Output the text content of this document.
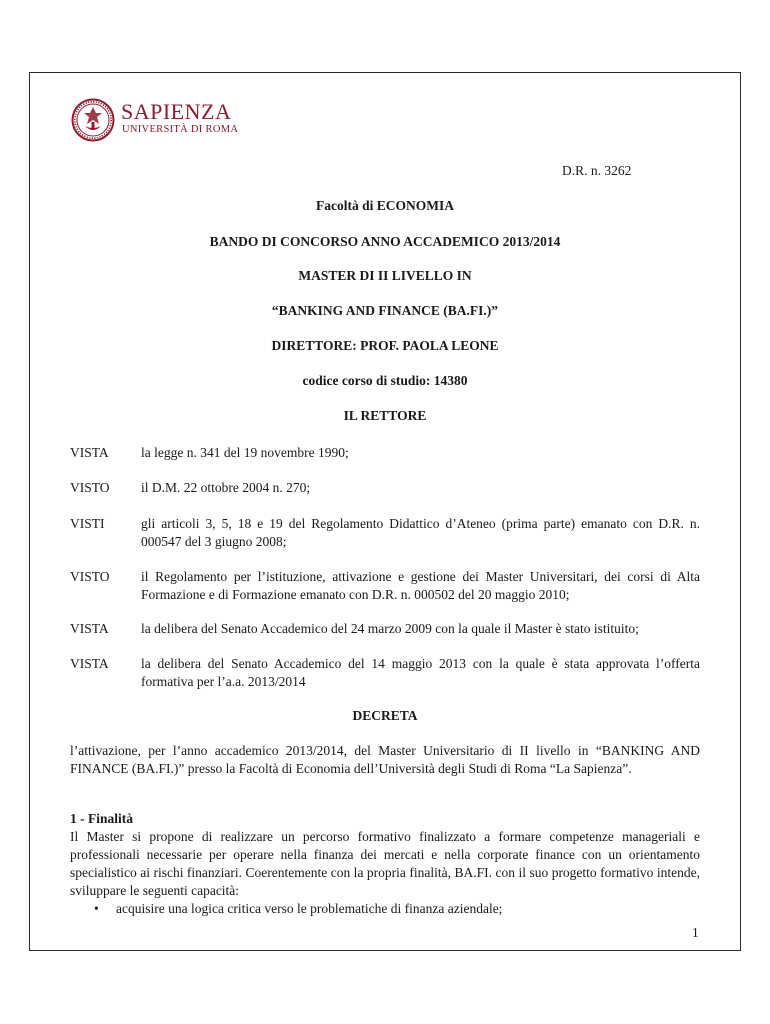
SAPIENZA
UNIVERSITÀ DI ROMA
D.R. n. 3262
Facoltà di ECONOMIA
BANDO DI CONCORSO ANNO ACCADEMICO 2013/2014
MASTER DI II LIVELLO IN
“BANKING AND FINANCE (BA.FI.)”
DIRETTORE: PROF. PAOLA LEONE
codice corso di studio: 14380
IL RETTORE
VISTA la legge n. 341 del 19 novembre 1990;
VISTO il D.M. 22 ottobre 2004 n. 270;
VISTI	gli articoli 3, 5, 18 e 19 del Regolamento Didattico d’Ateneo (prima parte) emanato con D.R. n. 000547 del 3 giugno 2008;
VISTO il Regolamento per l’istituzione, attivazione e gestione dei Master Universitari, dei corsi di Alta Formazione e di Formazione emanato con D.R. n. 000502 del 20 maggio 2010;
VISTA la delibera del Senato Accademico del 24 marzo 2009 con la quale il Master è stato istituito;
VISTA la delibera del Senato Accademico del 14 maggio 2013 con la quale è stata approvata l’offerta formativa per l’a.a. 2013/2014
DECRETA
l’attivazione, per l’anno accademico 2013/2014, del Master Universitario di II livello in “BANKING AND FINANCE (BA.FI.)” presso la Facoltà di Economia dell’Università degli Studi di Roma “La Sapienza”.
1 - Finalità
Il Master si propone di realizzare un percorso formativo finalizzato a formare competenze manageriali e professionali necessarie per operare nella finanza dei mercati e nella corporate finance con un orientamento specialistico ai rischi finanziari. Coerentemente con la propria finalità, BA.FI. con il suo progetto formativo intende, sviluppare le seguenti capacità:
• acquisire una logica critica verso le problematiche di finanza aziendale;
1
